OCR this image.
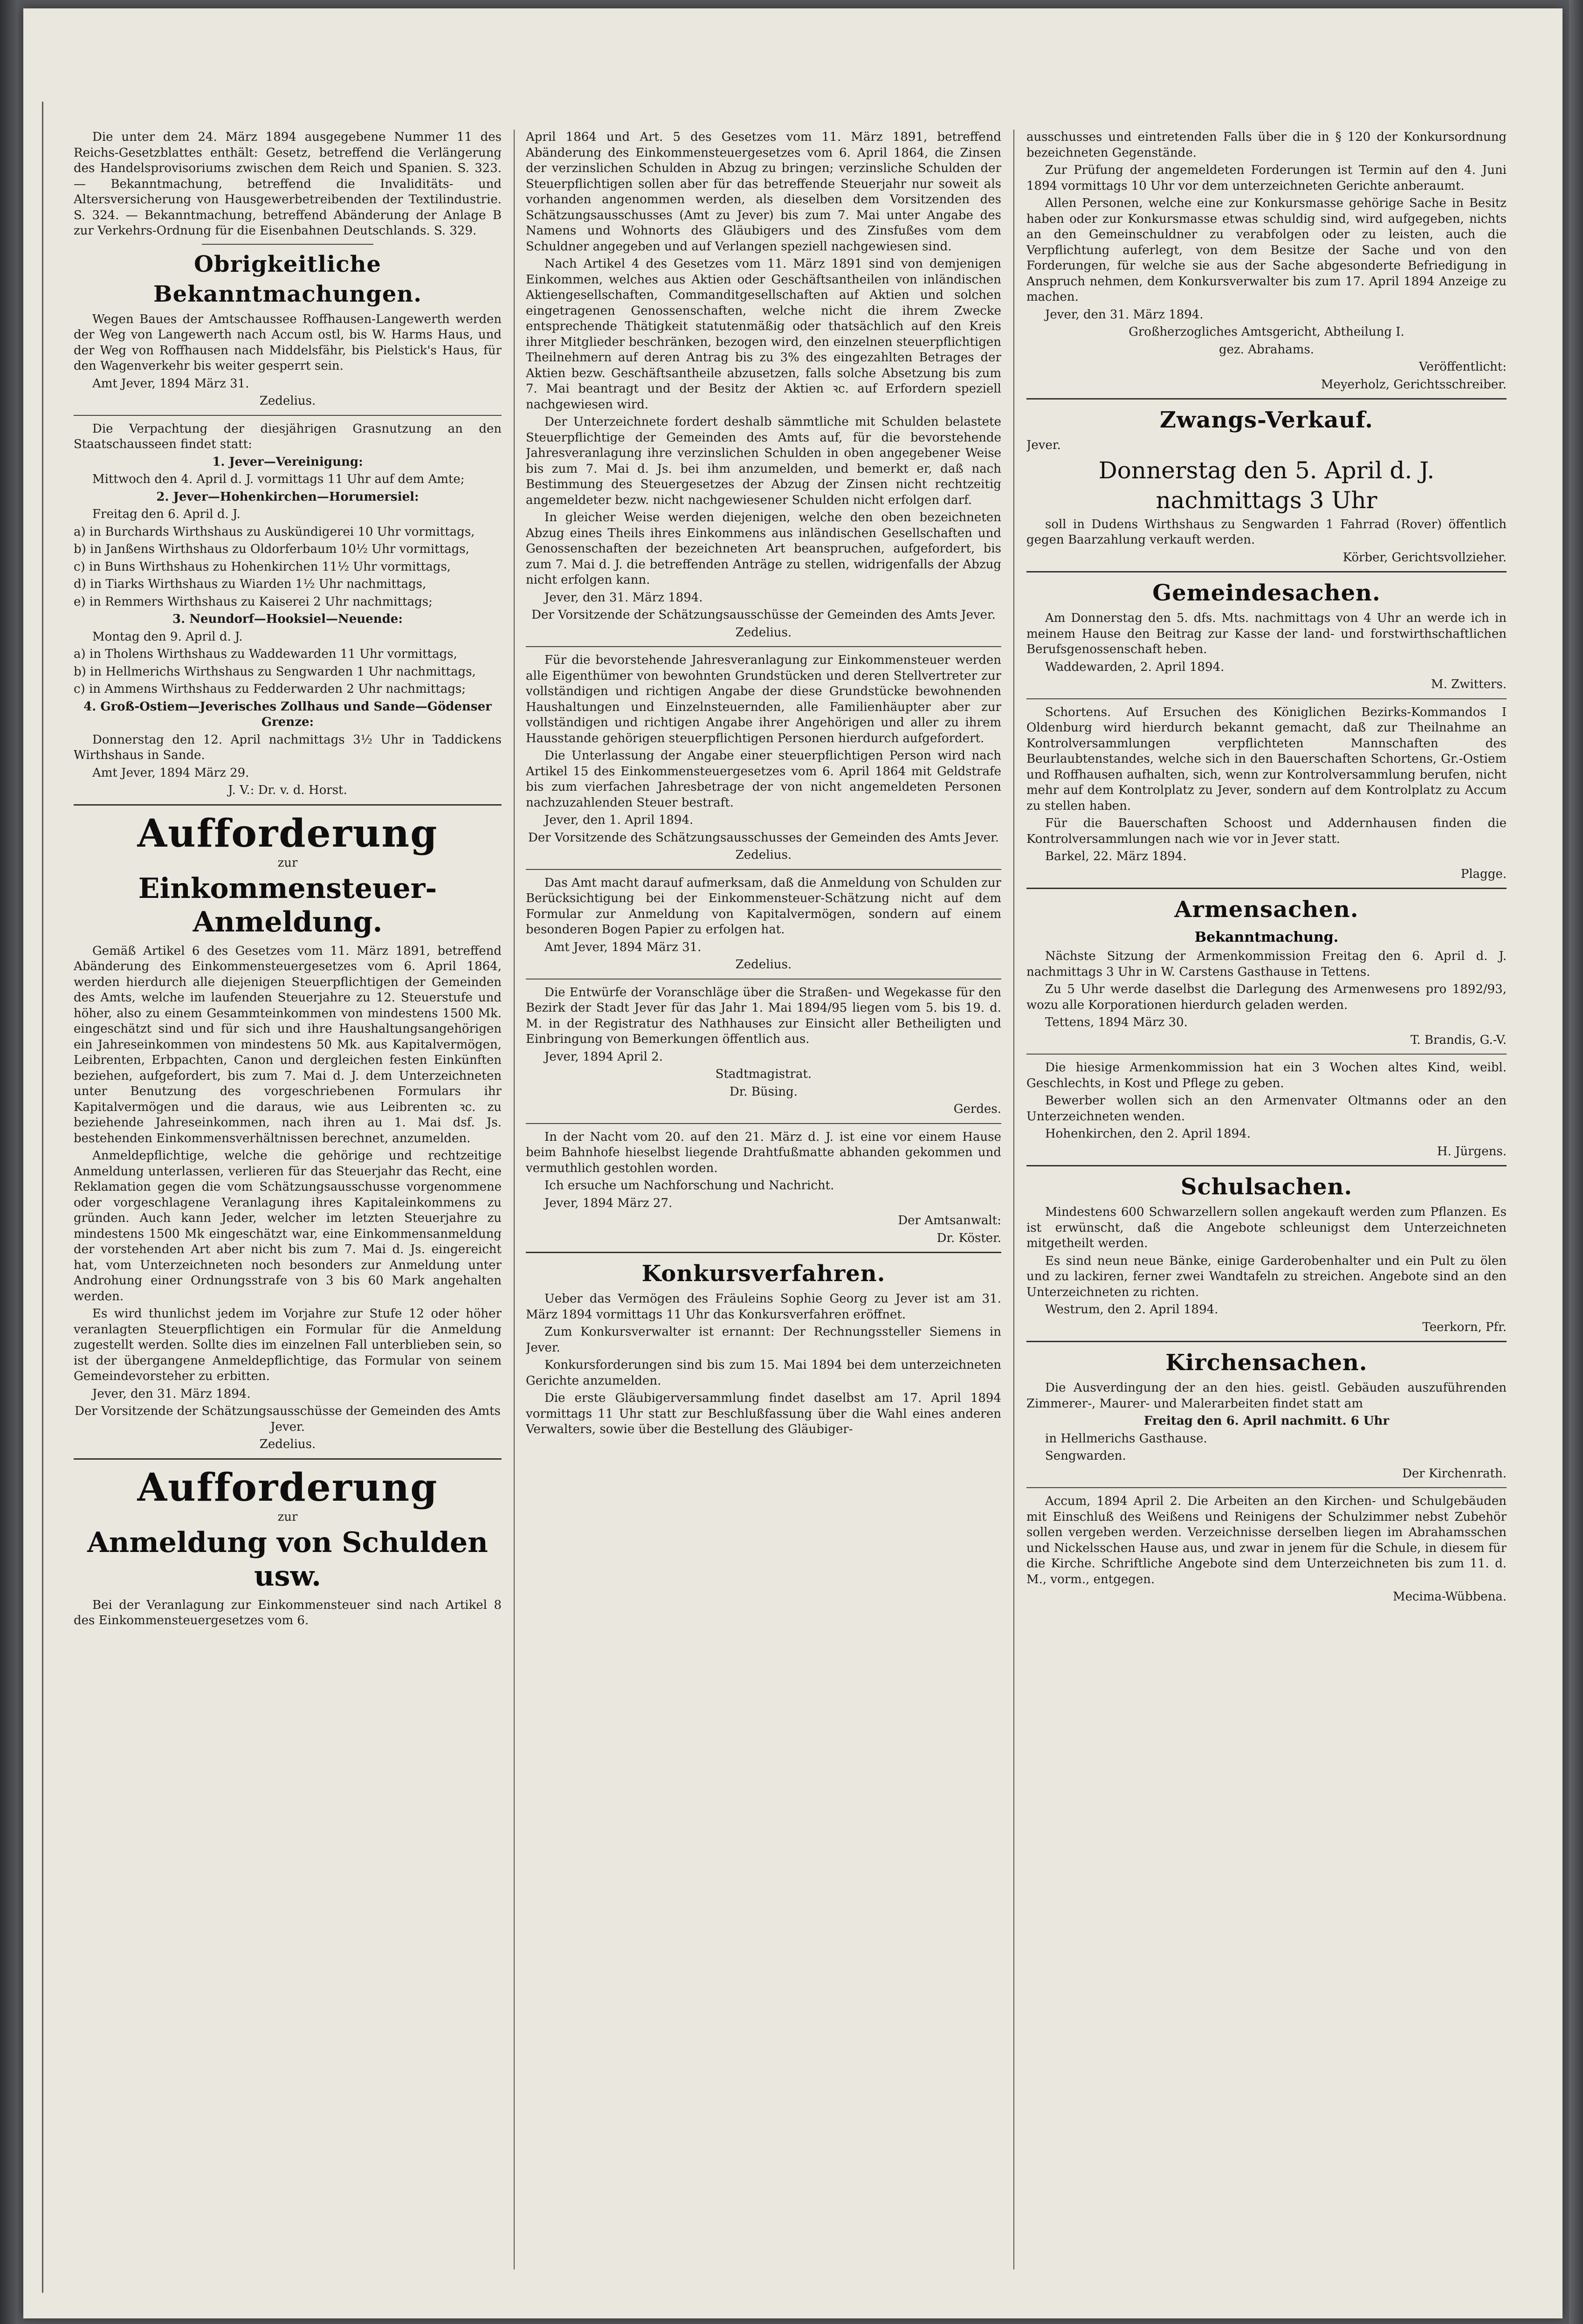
Die unter dem 24. März 1894 ausgegebene Nummer 11 des Reichs-Gesetzblattes enthält: Gesetz, betreffend die Verlängerung des Handelsprovisoriums zwischen dem Reich und Spanien. S. 323. — Bekanntmachung, betreffend die Invaliditäts- und Altersversicherung von Hausgewerbetreibenden der Textilindustrie. S. 324. — Bekanntmachung, betreffend Abänderung der Anlage B zur Verkehrs-Ordnung für die Eisenbahnen Deutschlands. S. 329.

Obrigkeitliche Bekanntmachungen.

Wegen Baues der Amtschaussee Roffhausen-Langewerth werden der Weg von Langewerth nach Accum ostl, bis W. Harms Haus, und der Weg von Roffhausen nach Middelsfähr, bis Pielstick's Haus, für den Wagenverkehr bis weiter gesperrt sein.

Amt Jever, 1894 März 31.

Zedelius.

Die Verpachtung der diesjährigen Grasnutzung an den Staatschausseen findet statt:

1. Jever—Vereinigung:

Mittwoch den 4. April d. J. vormittags 11 Uhr auf dem Amte;

2. Jever—Hohenkirchen—Horumersiel:

Freitag den 6. April d. J.

a) in Burchards Wirthshaus zu Auskündigerei 10 Uhr vormittags,

b) in Janßens Wirthshaus zu Oldorferbaum 10½ Uhr vormittags,

c) in Buns Wirthshaus zu Hohenkirchen 11½ Uhr vormittags,

d) in Tiarks Wirthshaus zu Wiarden 1½ Uhr nachmittags,

e) in Remmers Wirthshaus zu Kaiserei 2 Uhr nachmittags;

3. Neundorf—Hooksiel—Neuende:

Montag den 9. April d. J.

a) in Tholens Wirthshaus zu Waddewarden 11 Uhr vormittags,

b) in Hellmerichs Wirthshaus zu Sengwarden 1 Uhr nachmittags,

c) in Ammens Wirthshaus zu Fedderwarden 2 Uhr nachmittags;

4. Groß-Ostiem—Jeverisches Zollhaus und Sande—Gödenser Grenze:

Donnerstag den 12. April nachmittags 3½ Uhr in Taddickens Wirthshaus in Sande.

Amt Jever, 1894 März 29.

J. V.: Dr. v. d. Horst.

Aufforderung
zur
Einkommensteuer-Anmeldung.

Gemäß Artikel 6 des Gesetzes vom 11. März 1891, betreffend Abänderung des Einkommensteuergesetzes vom 6. April 1864, werden hierdurch alle diejenigen Steuerpflichtigen der Gemeinden des Amts, welche im laufenden Steuerjahre zu 12. Steuerstufe und höher, also zu einem Gesammteinkommen von mindestens 1500 Mk. eingeschätzt sind und für sich und ihre Haushaltungsangehörigen ein Jahreseinkommen von mindestens 50 Mk. aus Kapitalvermögen, Leibrenten, Erbpachten, Canon und dergleichen festen Einkünften beziehen, aufgefordert, bis zum 7. Mai d. J. dem Unterzeichneten unter Benutzung des vorgeschriebenen Formulars ihr Kapitalvermögen und die daraus, wie aus Leibrenten ꝛc. zu beziehende Jahreseinkommen, nach ihren au 1. Mai dsf. Js. bestehenden Einkommensverhältnissen berechnet, anzumelden.

Anmeldepflichtige, welche die gehörige und rechtzeitige Anmeldung unterlassen, verlieren für das Steuerjahr das Recht, eine Reklamation gegen die vom Schätzungsausschusse vorgenommene oder vorgeschlagene Veranlagung ihres Kapitaleinkommens zu gründen. Auch kann Jeder, welcher im letzten Steuerjahre zu mindestens 1500 Mk eingeschätzt war, eine Einkommensanmeldung der vorstehenden Art aber nicht bis zum 7. Mai d. Js. eingereicht hat, vom Unterzeichneten noch besonders zur Anmeldung unter Androhung einer Ordnungsstrafe von 3 bis 60 Mark angehalten werden.

Es wird thunlichst jedem im Vorjahre zur Stufe 12 oder höher veranlagten Steuerpflichtigen ein Formular für die Anmeldung zugestellt werden. Sollte dies im einzelnen Fall unterblieben sein, so ist der übergangene Anmeldepflichtige, das Formular von seinem Gemeindevorsteher zu erbitten.

Jever, den 31. März 1894.

Der Vorsitzende der Schätzungsausschüsse der Gemeinden des Amts Jever.

Zedelius.

Aufforderung
zur
Anmeldung von Schulden usw.

Bei der Veranlagung zur Einkommensteuer sind nach Artikel 8 des Einkommensteuergesetzes vom 6.

April 1864 und Art. 5 des Gesetzes vom 11. März 1891, betreffend Abänderung des Einkommensteuergesetzes vom 6. April 1864, die Zinsen der verzinslichen Schulden in Abzug zu bringen; verzinsliche Schulden der Steuerpflichtigen sollen aber für das betreffende Steuerjahr nur soweit als vorhanden angenommen werden, als dieselben dem Vorsitzenden des Schätzungsausschusses (Amt zu Jever) bis zum 7. Mai unter Angabe des Namens und Wohnorts des Gläubigers und des Zinsfußes vom dem Schuldner angegeben und auf Verlangen speziell nachgewiesen sind.

Nach Artikel 4 des Gesetzes vom 11. März 1891 sind von demjenigen Einkommen, welches aus Aktien oder Geschäftsantheilen von inländischen Aktiengesellschaften, Commanditgesellschaften auf Aktien und solchen eingetragenen Genossenschaften, welche nicht die ihrem Zwecke entsprechende Thätigkeit statutenmäßig oder thatsächlich auf den Kreis ihrer Mitglieder beschränken, bezogen wird, den einzelnen steuerpflichtigen Theilnehmern auf deren Antrag bis zu 3% des eingezahlten Betrages der Aktien bezw. Geschäftsantheile abzusetzen, falls solche Absetzung bis zum 7. Mai beantragt und der Besitz der Aktien ꝛc. auf Erfordern speziell nachgewiesen wird.

Der Unterzeichnete fordert deshalb sämmtliche mit Schulden belastete Steuerpflichtige der Gemeinden des Amts auf, für die bevorstehende Jahresveranlagung ihre verzinslichen Schulden in oben angegebener Weise bis zum 7. Mai d. Js. bei ihm anzumelden, und bemerkt er, daß nach Bestimmung des Steuergesetzes der Abzug der Zinsen nicht rechtzeitig angemeldeter bezw. nicht nachgewiesener Schulden nicht erfolgen darf.

In gleicher Weise werden diejenigen, welche den oben bezeichneten Abzug eines Theils ihres Einkommens aus inländischen Gesellschaften und Genossenschaften der bezeichneten Art beanspruchen, aufgefordert, bis zum 7. Mai d. J. die betreffenden Anträge zu stellen, widrigenfalls der Abzug nicht erfolgen kann.

Jever, den 31. März 1894.

Der Vorsitzende der Schätzungsausschüsse der Gemeinden des Amts Jever.

Zedelius.

Für die bevorstehende Jahresveranlagung zur Einkommensteuer werden alle Eigenthümer von bewohnten Grundstücken und deren Stellvertreter zur vollständigen und richtigen Angabe der diese Grundstücke bewohnenden Haushaltungen und Einzelnsteuernden, alle Familienhäupter aber zur vollständigen und richtigen Angabe ihrer Angehörigen und aller zu ihrem Hausstande gehörigen steuerpflichtigen Personen hierdurch aufgefordert.

Die Unterlassung der Angabe einer steuerpflichtigen Person wird nach Artikel 15 des Einkommensteuergesetzes vom 6. April 1864 mit Geldstrafe bis zum vierfachen Jahresbetrage der von nicht angemeldeten Personen nachzuzahlenden Steuer bestraft.

Jever, den 1. April 1894.

Der Vorsitzende des Schätzungsausschusses der Gemeinden des Amts Jever.

Zedelius.

Das Amt macht darauf aufmerksam, daß die Anmeldung von Schulden zur Berücksichtigung bei der Einkommensteuer-Schätzung nicht auf dem Formular zur Anmeldung von Kapitalvermögen, sondern auf einem besonderen Bogen Papier zu erfolgen hat.

Amt Jever, 1894 März 31.

Zedelius.

Die Entwürfe der Voranschläge über die Straßen- und Wegekasse für den Bezirk der Stadt Jever für das Jahr 1. Mai 1894/95 liegen vom 5. bis 19. d. M. in der Registratur des Nathhauses zur Einsicht aller Betheiligten und Einbringung von Bemerkungen öffentlich aus.

Jever, 1894 April 2.

Stadtmagistrat.

Dr. Büsing.

Gerdes.

In der Nacht vom 20. auf den 21. März d. J. ist eine vor einem Hause beim Bahnhofe hieselbst liegende Drahtfußmatte abhanden gekommen und vermuthlich gestohlen worden.

Ich ersuche um Nachforschung und Nachricht.

Jever, 1894 März 27.

Der Amtsanwalt:

Dr. Köster.

Konkursverfahren.

Ueber das Vermögen des Fräuleins Sophie Georg zu Jever ist am 31. März 1894 vormittags 11 Uhr das Konkursverfahren eröffnet.

Zum Konkursverwalter ist ernannt: Der Rechnungssteller Siemens in Jever.

Konkursforderungen sind bis zum 15. Mai 1894 bei dem unterzeichneten Gerichte anzumelden.

Die erste Gläubigerversammlung findet daselbst am 17. April 1894 vormittags 11 Uhr statt zur Beschlußfassung über die Wahl eines anderen Verwalters, sowie über die Bestellung des Gläubiger-

ausschusses und eintretenden Falls über die in § 120 der Konkursordnung bezeichneten Gegenstände.

Zur Prüfung der angemeldeten Forderungen ist Termin auf den 4. Juni 1894 vormittags 10 Uhr vor dem unterzeichneten Gerichte anberaumt.

Allen Personen, welche eine zur Konkursmasse gehörige Sache in Besitz haben oder zur Konkursmasse etwas schuldig sind, wird aufgegeben, nichts an den Gemeinschuldner zu verabfolgen oder zu leisten, auch die Verpflichtung auferlegt, von dem Besitze der Sache und von den Forderungen, für welche sie aus der Sache abgesonderte Befriedigung in Anspruch nehmen, dem Konkursverwalter bis zum 17. April 1894 Anzeige zu machen.

Jever, den 31. März 1894.

Großherzogliches Amtsgericht, Abtheilung I.

gez. Abrahams.

Veröffentlicht:

Meyerholz, Gerichtsschreiber.

Zwangs-Verkauf.

Jever.

Donnerstag den 5. April d. J. nachmittags 3 Uhr

soll in Dudens Wirthshaus zu Sengwarden 1 Fahrrad (Rover) öffentlich gegen Baarzahlung verkauft werden.

Körber, Gerichtsvollzieher.

Gemeindesachen.

Am Donnerstag den 5. dfs. Mts. nachmittags von 4 Uhr an werde ich in meinem Hause den Beitrag zur Kasse der land- und forstwirthschaftlichen Berufsgenossenschaft heben.

Waddewarden, 2. April 1894.

M. Zwitters.

Schortens. Auf Ersuchen des Königlichen Bezirks-Kommandos I Oldenburg wird hierdurch bekannt gemacht, daß zur Theilnahme an Kontrolversammlungen verpflichteten Mannschaften des Beurlaubtenstandes, welche sich in den Bauerschaften Schortens, Gr.-Ostiem und Roffhausen aufhalten, sich, wenn zur Kontrolversammlung berufen, nicht mehr auf dem Kontrolplatz zu Jever, sondern auf dem Kontrolplatz zu Accum zu stellen haben.

Für die Bauerschaften Schoost und Addernhausen finden die Kontrolversammlungen nach wie vor in Jever statt.

Barkel, 22. März 1894.

Plagge.

Armensachen.
Bekanntmachung.

Nächste Sitzung der Armenkommission Freitag den 6. April d. J. nachmittags 3 Uhr in W. Carstens Gasthause in Tettens.

Zu 5 Uhr werde daselbst die Darlegung des Armenwesens pro 1892/93, wozu alle Korporationen hierdurch geladen werden.

Tettens, 1894 März 30.

T. Brandis, G.-V.

Die hiesige Armenkommission hat ein 3 Wochen altes Kind, weibl. Geschlechts, in Kost und Pflege zu geben.

Bewerber wollen sich an den Armenvater Oltmanns oder an den Unterzeichneten wenden.

Hohenkirchen, den 2. April 1894.

H. Jürgens.

Schulsachen.

Mindestens 600 Schwarzellern sollen angekauft werden zum Pflanzen. Es ist erwünscht, daß die Angebote schleunigst dem Unterzeichneten mitgetheilt werden.

Es sind neun neue Bänke, einige Garderobenhalter und ein Pult zu ölen und zu lackiren, ferner zwei Wandtafeln zu streichen. Angebote sind an den Unterzeichneten zu richten.

Westrum, den 2. April 1894.

Teerkorn, Pfr.

Kirchensachen.

Die Ausverdingung der an den hies. geistl. Gebäuden auszuführenden Zimmerer-, Maurer- und Malerarbeiten findet statt am

Freitag den 6. April nachmitt. 6 Uhr

in Hellmerichs Gasthause.

Sengwarden.

Der Kirchenrath.

Accum, 1894 April 2. Die Arbeiten an den Kirchen- und Schulgebäuden mit Einschluß des Weißens und Reinigens der Schulzimmer nebst Zubehör sollen vergeben werden. Verzeichnisse derselben liegen im Abrahamsschen und Nickelsschen Hause aus, und zwar in jenem für die Schule, in diesem für die Kirche. Schriftliche Angebote sind dem Unterzeichneten bis zum 11. d. M., vorm., entgegen.

Mecima-Wübbena.
